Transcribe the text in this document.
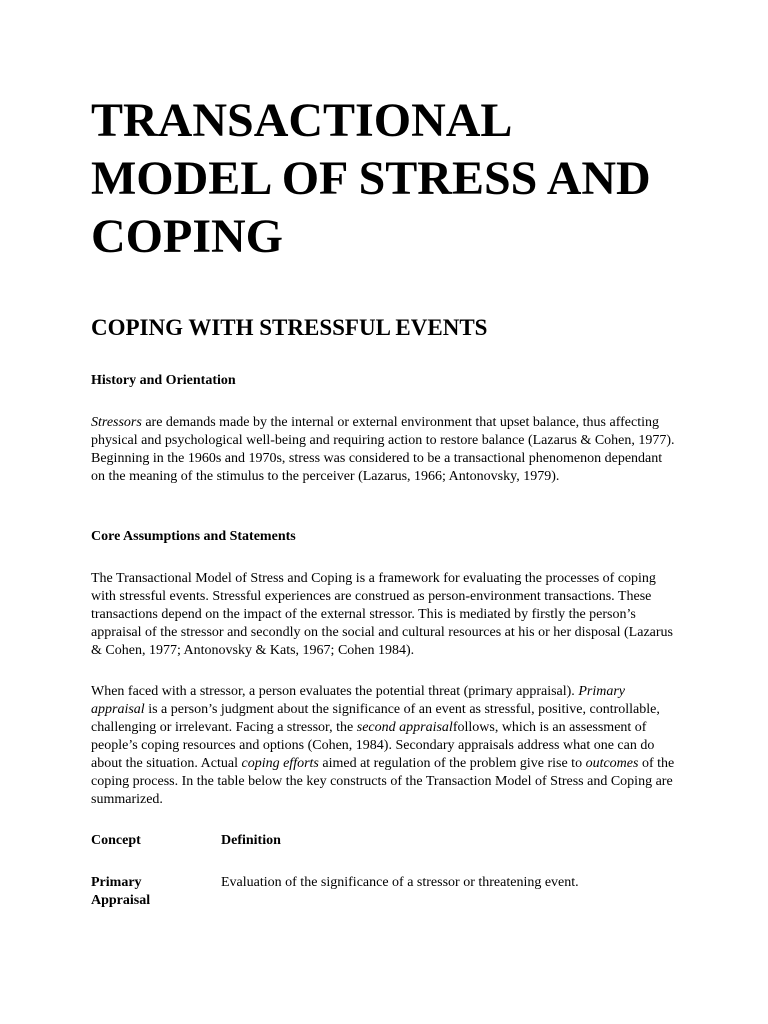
TRANSACTIONAL
MODEL OF STRESS AND
COPING
COPING WITH STRESSFUL EVENTS
History and Orientation

Stressors are demands made by the internal or external environment that upset balance, thus affecting physical and psychological well-being and requiring action to restore balance (Lazarus & Cohen, 1977). Beginning in the 1960s and 1970s, stress was considered to be a transactional phenomenon dependant on the meaning of the stimulus to the perceiver (Lazarus, 1966; Antonovsky, 1979).

Core Assumptions and Statements

The Transactional Model of Stress and Coping is a framework for evaluating the processes of coping with stressful events. Stressful experiences are construed as person-environment transactions. These transactions depend on the impact of the external stressor. This is mediated by firstly the person’s appraisal of the stressor and secondly on the social and cultural resources at his or her disposal (Lazarus & Cohen, 1977; Antonovsky & Kats, 1967; Cohen 1984).

When faced with a stressor, a person evaluates the potential threat (primary appraisal). Primary appraisal is a person’s judgment about the significance of an event as stressful, positive, controllable, challenging or irrelevant. Facing a stressor, the second appraisalfollows, which is an assessment of people’s coping resources and options (Cohen, 1984). Secondary appraisals address what one can do about the situation. Actual coping efforts aimed at regulation of the problem give rise to outcomes of the coping process. In the table below the key constructs of the Transaction Model of Stress and Coping are summarized.

Concept	Definition

Primary
Appraisal

Evaluation of the significance of a stressor or threatening event.
